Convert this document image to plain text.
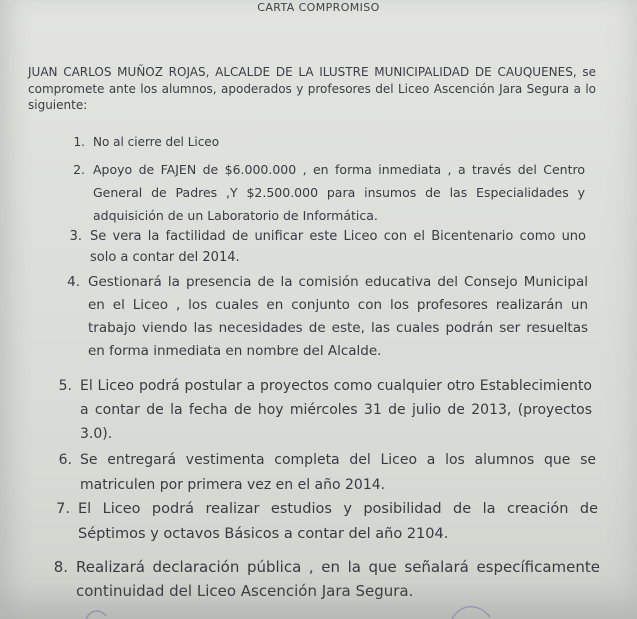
CARTA COMPROMISO
JUAN CARLOS MUÑOZ ROJAS, ALCALDE DE LA ILUSTRE MUNICIPALIDAD DE CAUQUENES, se compromete ante los alumnos, apoderados y profesores del Liceo Ascención Jara Segura a lo siguiente:
1. No al cierre del Liceo
2. Apoyo de FAJEN de $6.000.000 , en forma inmediata , a través del Centro General de Padres ,Y $2.500.000 para insumos de las Especialidades y adquisición de un Laboratorio de Informática.
3. Se vera la factilidad de unificar este Liceo con el Bicentenario como uno solo a contar del 2014.
4. Gestionará la presencia de la comisión educativa del Consejo Municipal en el Liceo , los cuales en conjunto con los profesores realizarán un trabajo viendo las necesidades de este, las cuales podrán ser resueltas en forma inmediata en nombre del Alcalde.
5. El Liceo podrá postular a proyectos como cualquier otro Establecimiento a contar de la fecha de hoy miércoles 31 de julio de 2013, (proyectos 3.0).
6. Se entregará vestimenta completa del Liceo a los alumnos que se matriculen por primera vez en el año 2014.
7. El Liceo podrá realizar estudios y posibilidad de la creación de Séptimos y octavos Básicos a contar del año 2104.
8. Realizará declaración pública , en la que señalará específicamente continuidad del Liceo Ascención Jara Segura.
